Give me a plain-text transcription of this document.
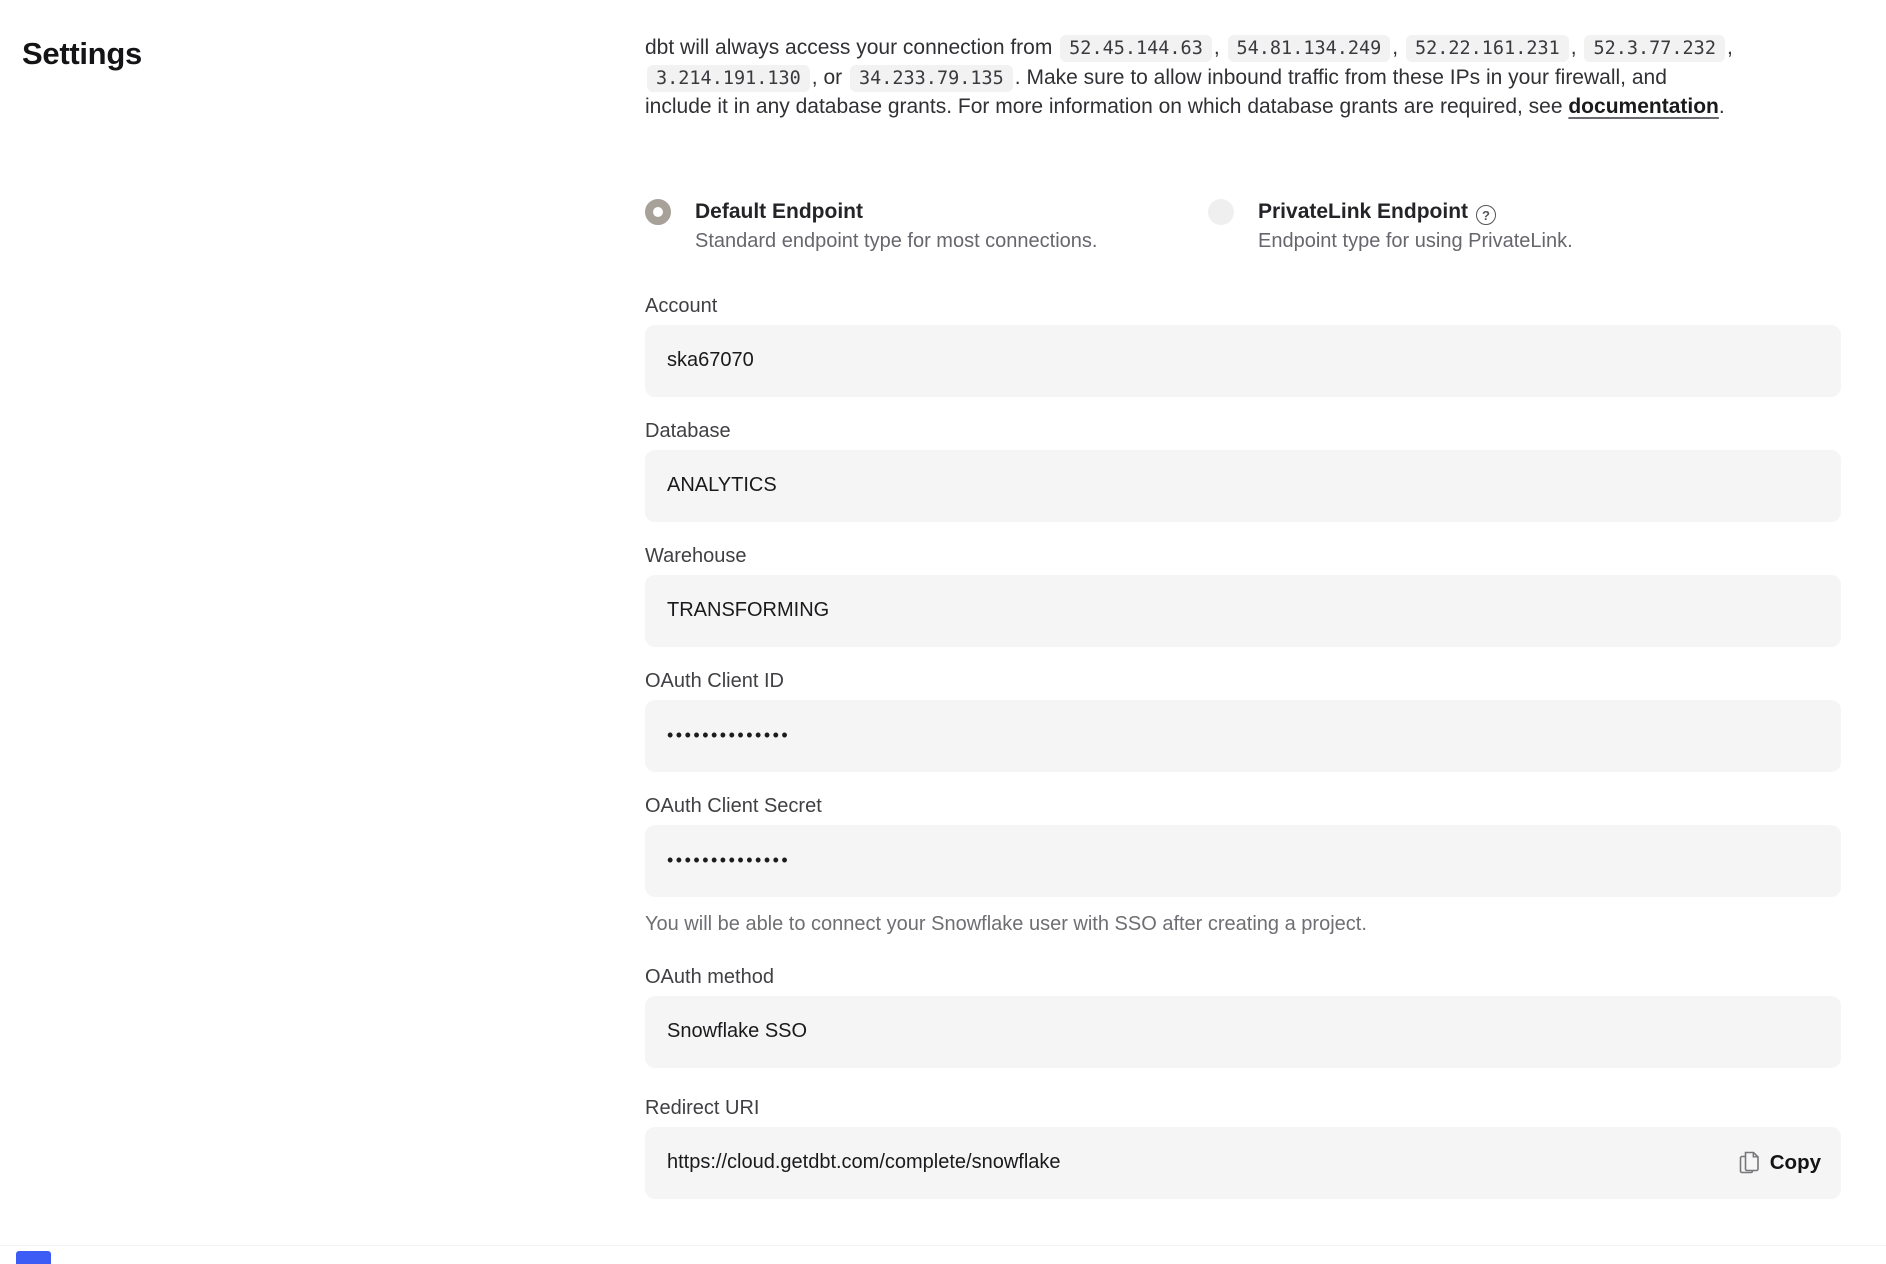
Settings	dbt will always access your connection from 52.45.144.63 , 54.81.134.249 , 52.22.161.231 , 52.3.77.232 , 3.214.191.130 , or 34.233.79.135 . Make sure to allow inbound traffic from these IPs in your firewall, and include it in any database grants. For more information on which database grants are required, see documentation.

Default Endpoint
Standard endpoint type for most connections.
PrivateLink Endpoint ?
Endpoint type for using PrivateLink.
Account
ska67070
Database
ANALYTICS
Warehouse
TRANSFORMING
OAuth Client ID
••••••••••••••
OAuth Client Secret
••••••••••••••
You will be able to connect your Snowflake user with SSO after creating a project.
OAuth method
Snowflake SSO
Redirect URI
https://cloud.getdbt.com/complete/snowflake	Copy
